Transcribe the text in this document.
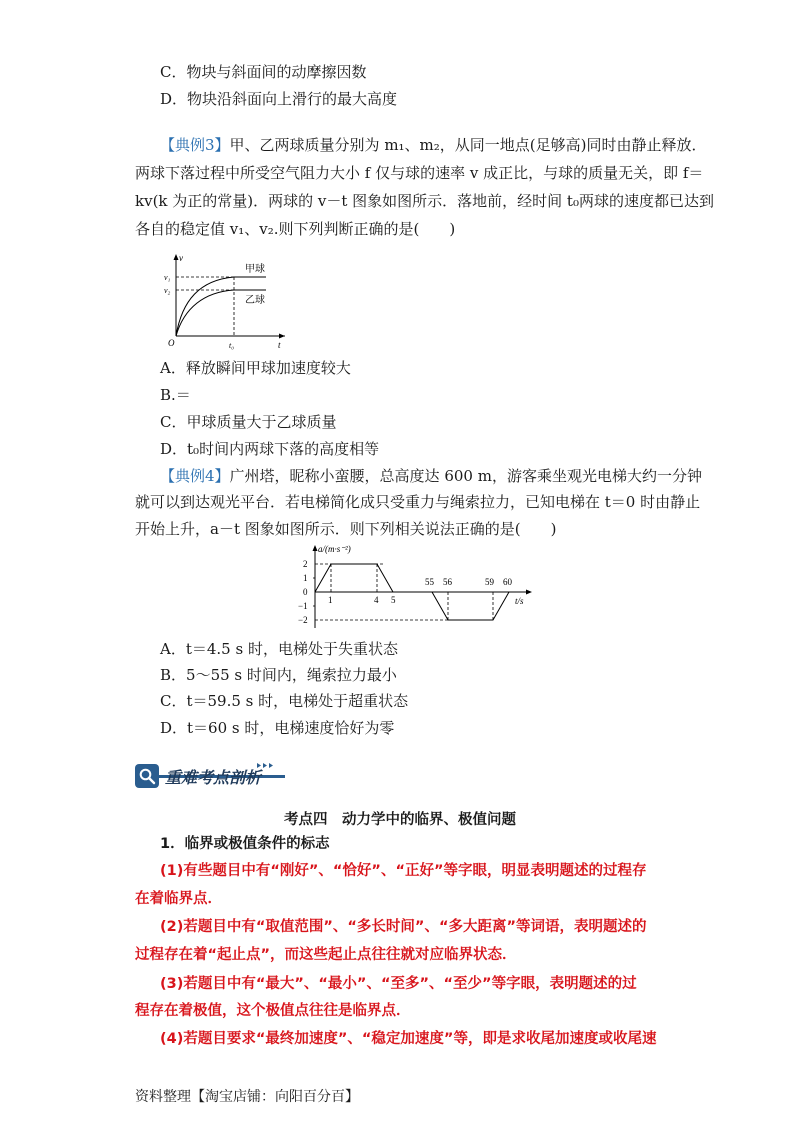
C．物块与斜面间的动摩擦因数
D．物块沿斜面向上滑行的最大高度
【典例3】甲、乙两球质量分别为 m₁、m₂，从同一地点(足够高)同时由静止释放．
两球下落过程中所受空气阻力大小 f 仅与球的速率 v 成正比，与球的质量无关，即 f＝
kv(k 为正的常量)．两球的 v－t 图象如图所示．落地前，经时间 t₀两球的速度都已达到
各自的稳定值 v₁、v₂.则下列判断正确的是(　　)
v
v₁
v₂
O	t₀	t
甲球
乙球
A．释放瞬间甲球加速度较大
B.＝
C．甲球质量大于乙球质量
D．t₀时间内两球下落的高度相等
【典例4】广州塔，昵称小蛮腰，总高度达 600 m，游客乘坐观光电梯大约一分钟
就可以到达观光平台．若电梯简化成只受重力与绳索拉力，已知电梯在 t＝0 时由静止
开始上升，a－t 图象如图所示．则下列相关说法正确的是(　　)
a/(m·s⁻²)
2
1
0
−1
−2
1	4 5
55 56	59 60
t/s
A．t＝4.5 s 时，电梯处于失重状态
B．5～55 s 时间内，绳索拉力最小
C．t＝59.5 s 时，电梯处于超重状态
D．t＝60 s 时，电梯速度恰好为零
重难考点剖析
考点四　动力学中的临界、极值问题
1．临界或极值条件的标志
(1)有些题目中有“刚好”、“恰好”、“正好”等字眼，明显表明题述的过程存
在着临界点．
(2)若题目中有“取值范围”、“多长时间”、“多大距离”等词语，表明题述的
过程存在着“起止点”，而这些起止点往往就对应临界状态．
(3)若题目中有“最大”、“最小”、“至多”、“至少”等字眼，表明题述的过
程存在着极值，这个极值点往往是临界点．
(4)若题目要求“最终加速度”、“稳定加速度”等，即是求收尾加速度或收尾速
资料整理【淘宝店铺：向阳百分百】
